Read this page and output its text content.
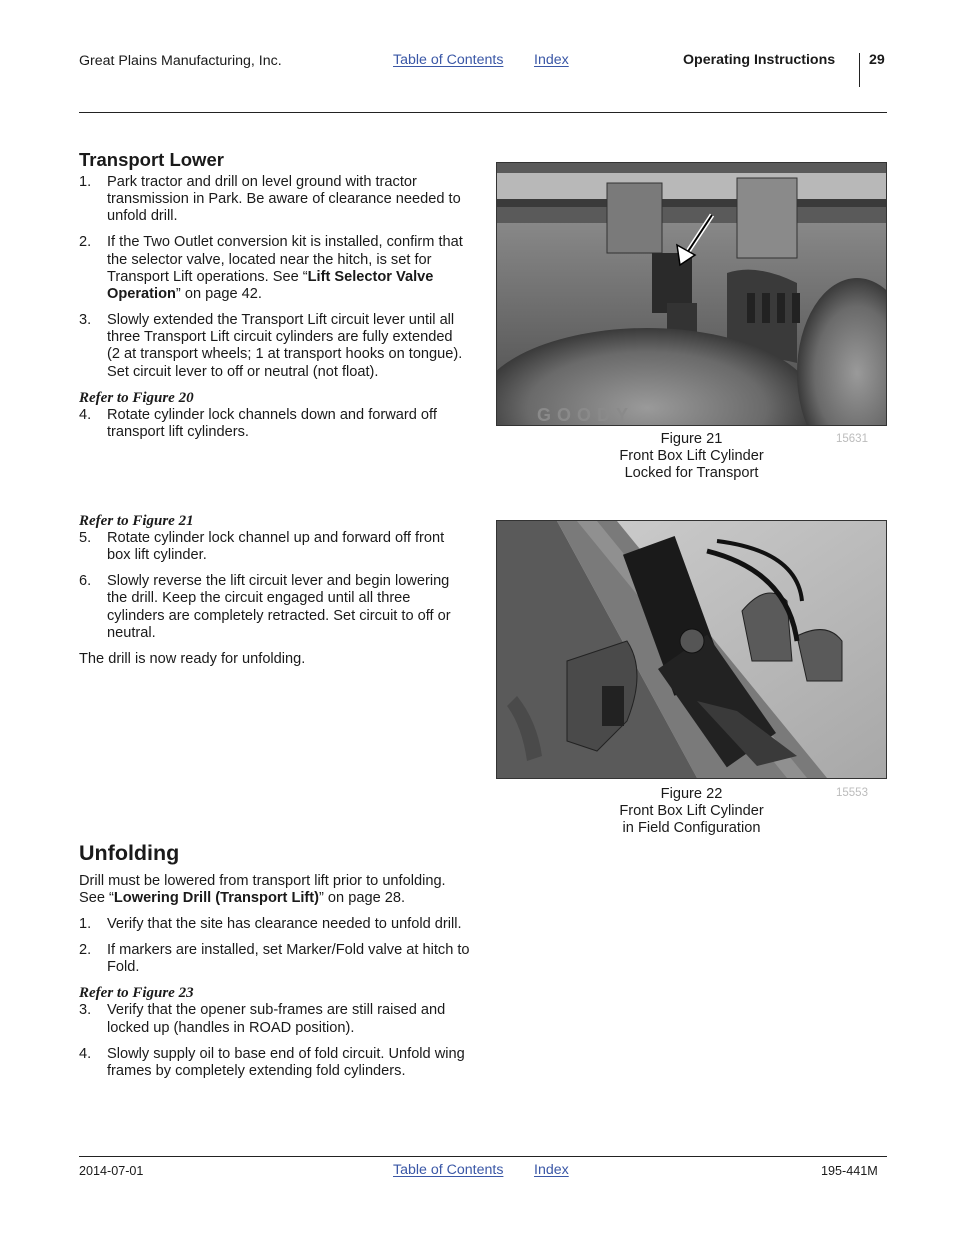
Great Plains Manufacturing, Inc.	Table of Contents Index	Operating Instructions 29
Transport Lower
1. Park tractor and drill on level ground with tractor transmission in Park. Be aware of clearance needed to unfold drill.
2. If the Two Outlet conversion kit is installed, confirm that the selector valve, located near the hitch, is set for Transport Lift operations. See “Lift Selector Valve Operation” on page 42.
3. Slowly extended the Transport Lift circuit lever until all three Transport Lift circuit cylinders are fully extended (2 at transport wheels; 1 at transport hooks on tongue). Set circuit lever to off or neutral (not float).
Refer to Figure 20
4. Rotate cylinder lock channels down and forward off transport lift cylinders.
Refer to Figure 21
5. Rotate cylinder lock channel up and forward off front box lift cylinder.
6. Slowly reverse the lift circuit lever and begin lowering the drill. Keep the circuit engaged until all three cylinders are completely retracted. Set circuit to off or neutral.
The drill is now ready for unfolding.
Unfolding
Drill must be lowered from transport lift prior to unfolding. See “Lowering Drill (Transport Lift)” on page 28.
1. Verify that the site has clearance needed to unfold drill.
2. If markers are installed, set Marker/Fold valve at hitch to Fold.
Refer to Figure 23
3. Verify that the opener sub-frames are still raised and locked up (handles in ROAD position).
4. Slowly supply oil to base end of fold circuit. Unfold wing frames by completely extending fold cylinders.
GOODY
Figure 21
Front Box Lift Cylinder
Locked for Transport
15631
Figure 22
Front Box Lift Cylinder
in Field Configuration
15553
2014-07-01	Table of Contents Index	195-441M
